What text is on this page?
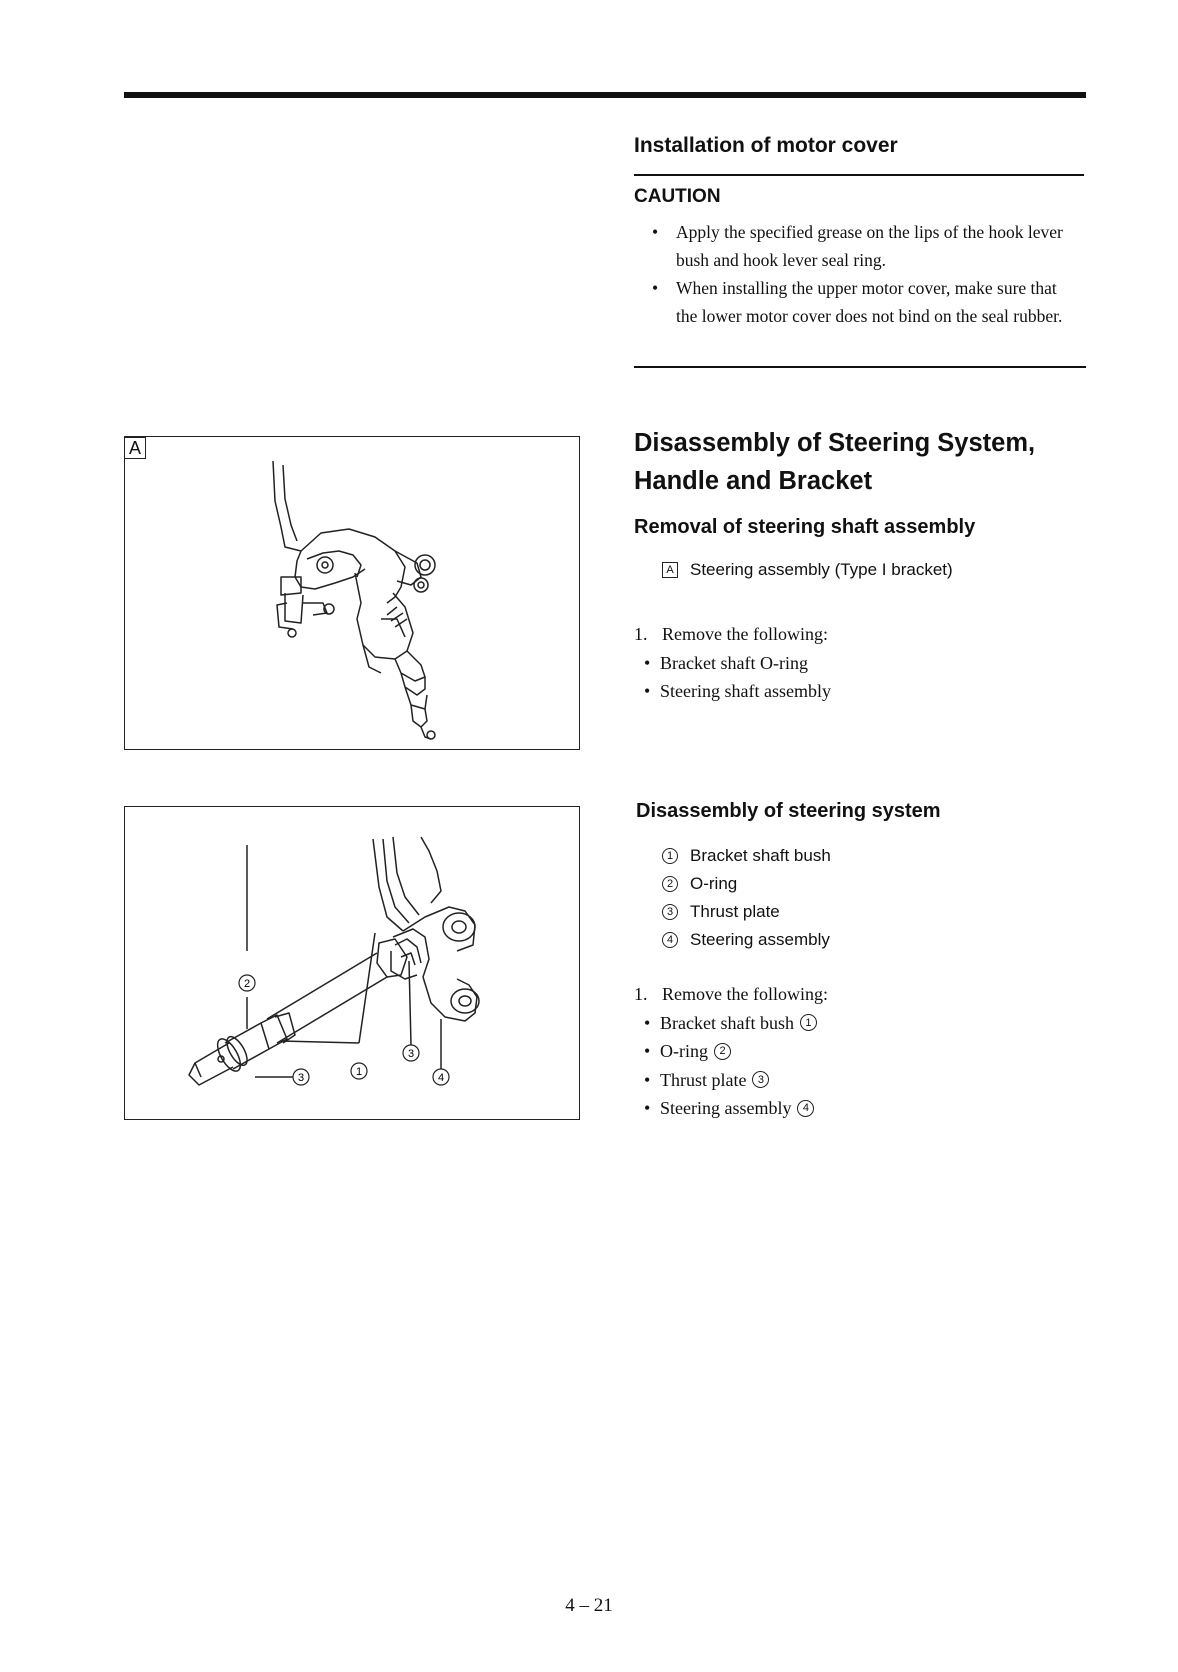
Installation of motor cover
CAUTION
• Apply the specified grease on the lips of the hook lever bush and hook lever seal ring.
• When installing the upper motor cover, make sure that the lower motor cover does not bind on the seal rubber.
Disassembly of Steering System,
Handle and Bracket
Removal of steering shaft assembly
A Steering assembly (Type I bracket)
1. Remove the following:
• Bracket shaft O-ring
• Steering shaft assembly
Disassembly of steering system
1 Bracket shaft bush
2 O-ring
3 Thrust plate
4 Steering assembly
1. Remove the following:
• Bracket shaft bush	1
• O-ring	2
• Thrust plate	3
• Steering assembly	4
A
2
3
3
1	4
4 – 21
